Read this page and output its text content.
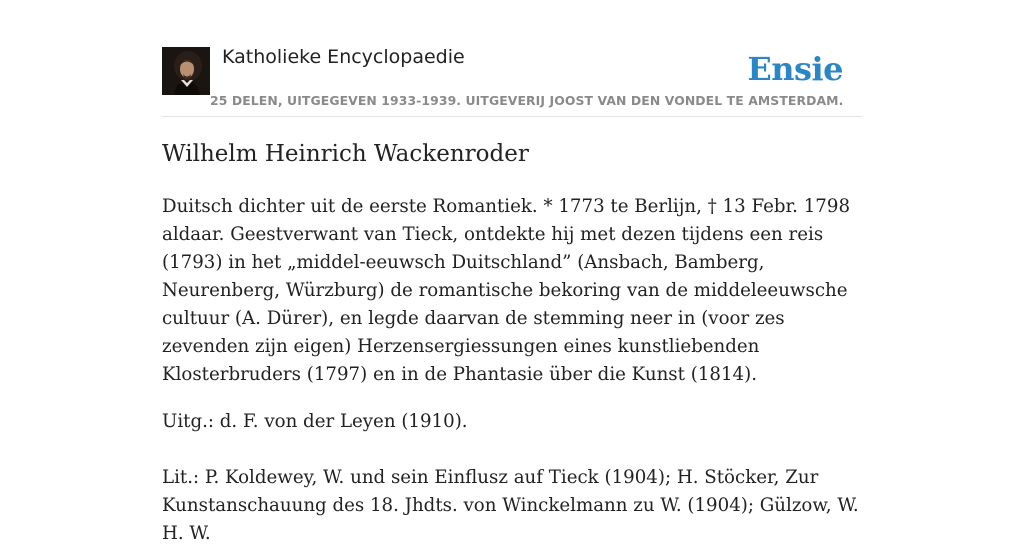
Katholieke Encyclopaedie	Ensie
25 DELEN, UITGEGEVEN 1933-1939. UITGEVERIJ JOOST VAN DEN VONDEL TE AMSTERDAM.
Wilhelm Heinrich Wackenroder

Duitsch dichter uit de eerste Romantiek. * 1773 te Berlijn, † 13 Febr. 1798 aldaar. Geestverwant van Tieck, ontdekte hij met dezen tijdens een reis (1793) in het „middel-eeuwsch Duitschland” (Ansbach, Bamberg, Neurenberg, Würzburg) de romantische bekoring van de middeleeuwsche cultuur (A. Dürer), en legde daarvan de stemming neer in (voor zes zevenden zijn eigen) Herzensergiessungen eines kunstliebenden Klosterbruders (1797) en in de Phantasie über die Kunst (1814).

Uitg.: d. F. von der Leyen (1910).

Lit.: P. Koldewey, W. und sein Einflusz auf Tieck (1904); H. Stöcker, Zur Kunstanschauung des 18. Jhdts. von Winckelmann zu W. (1904); Gülzow, W. H. W.
